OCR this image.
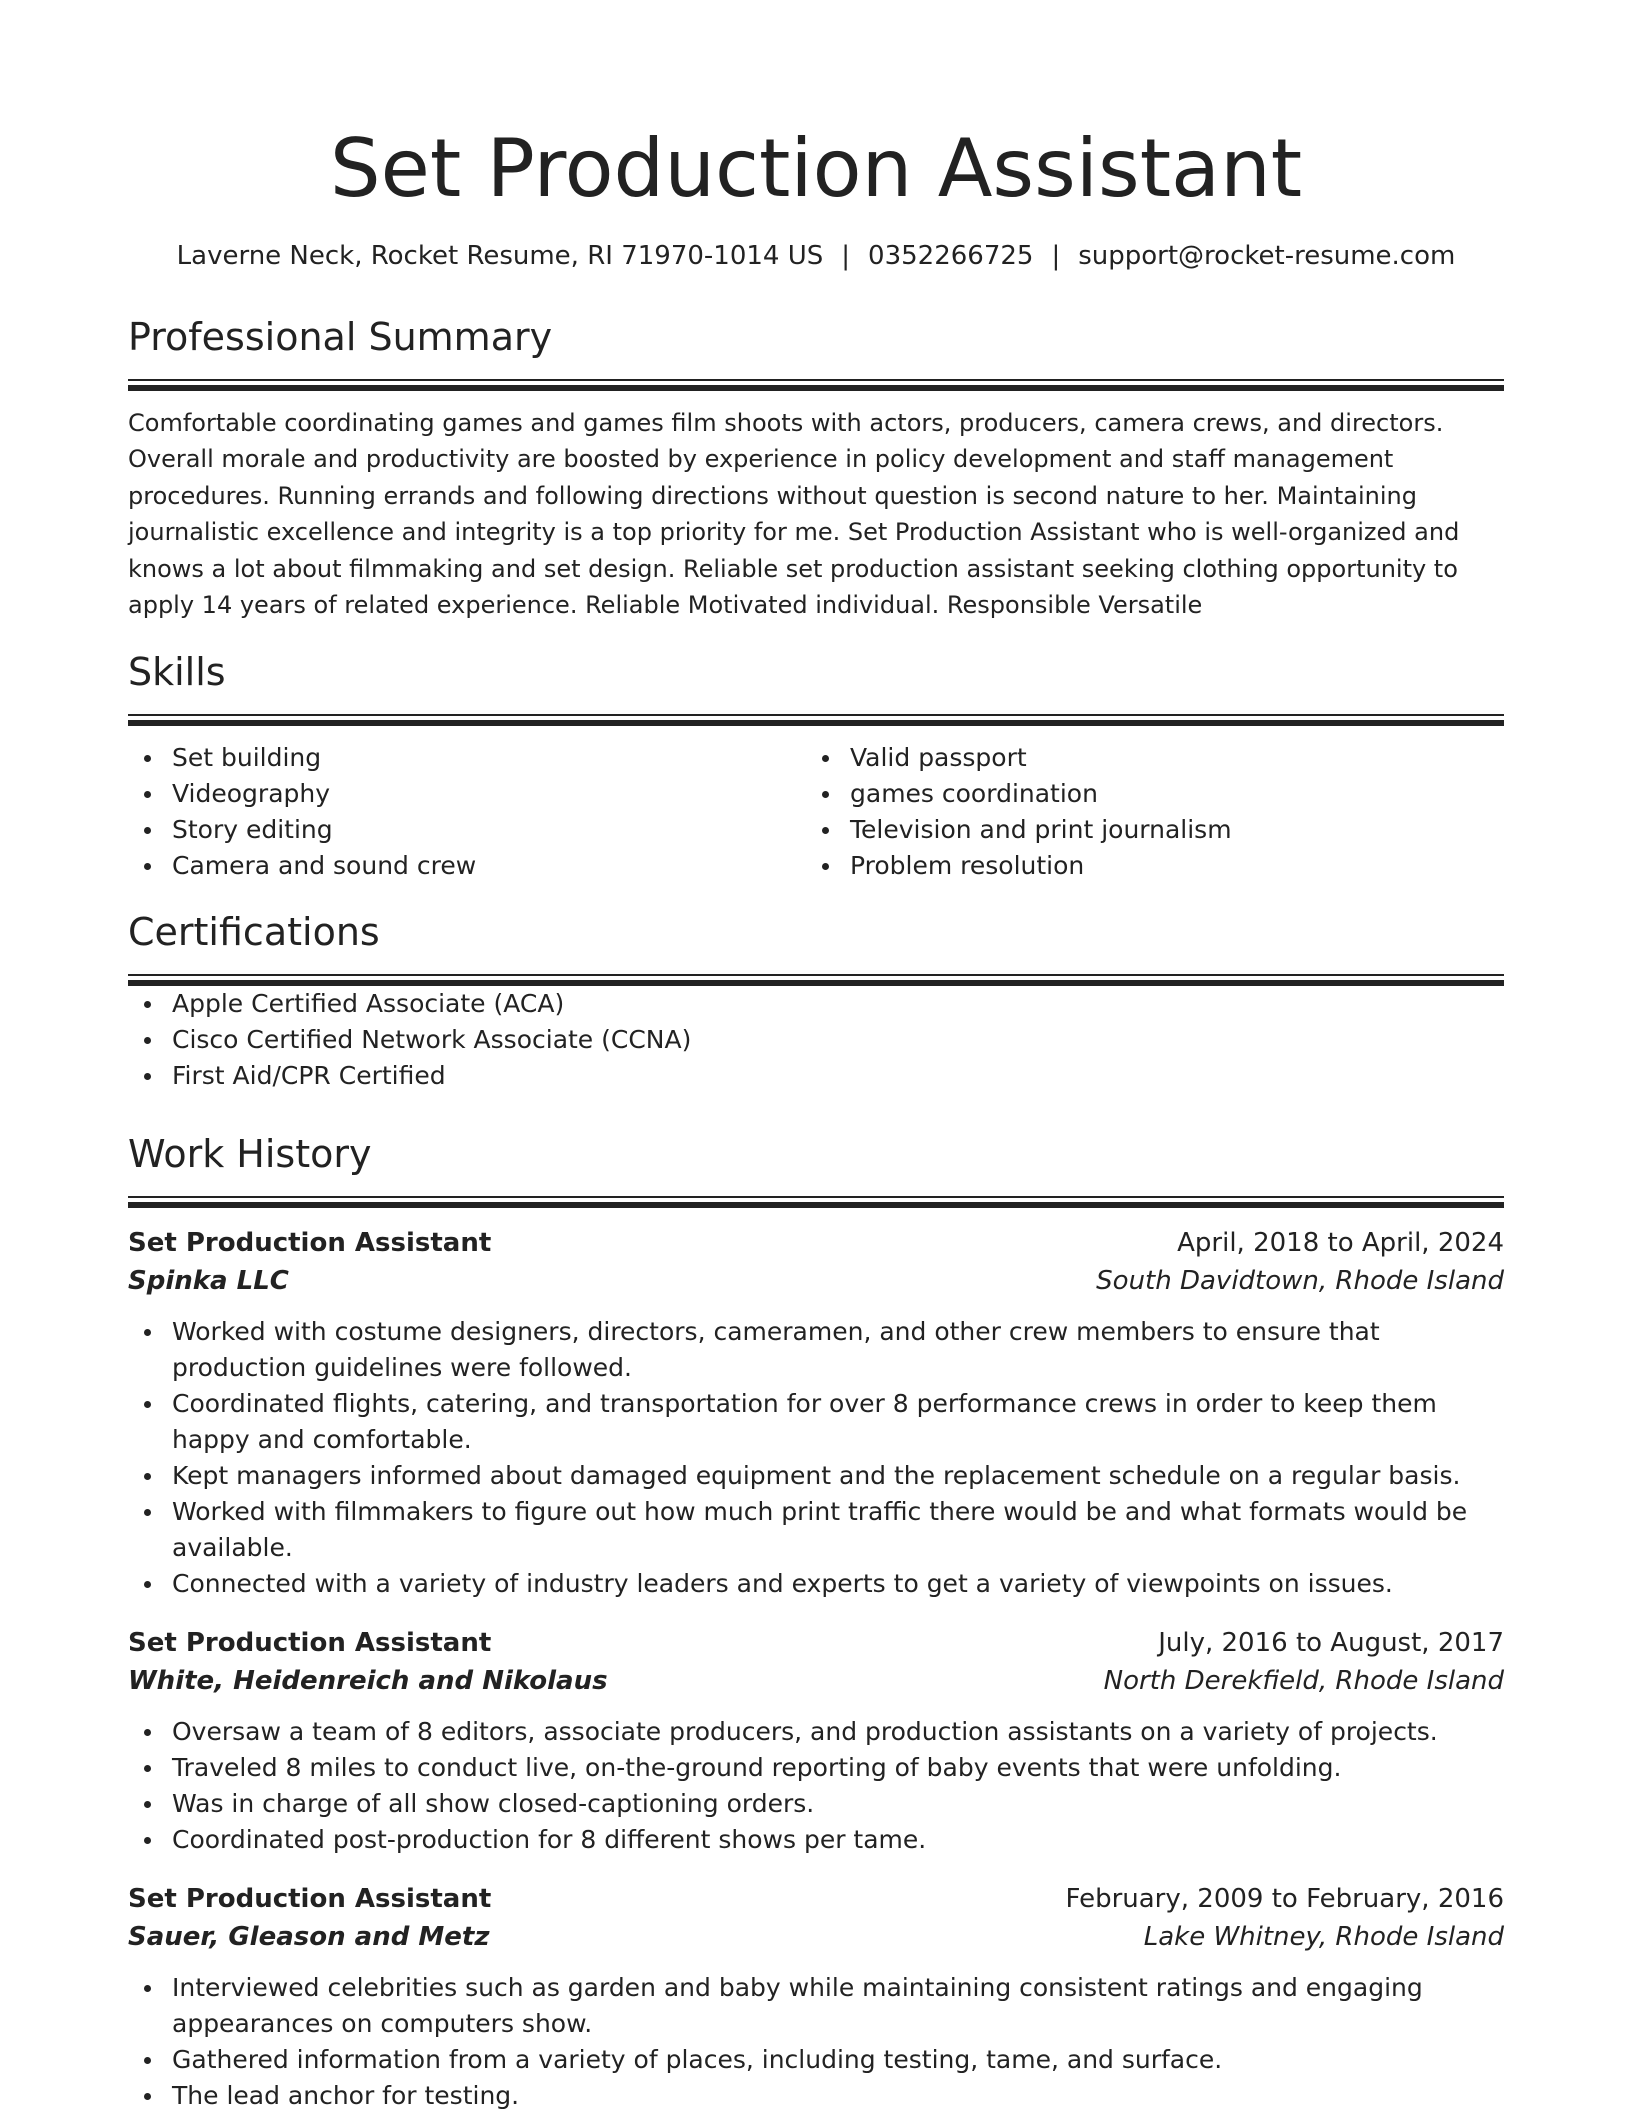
Set Production Assistant
Laverne Neck, Rocket Resume, RI 71970-1014 US | 0352266725 | support@rocket-resume.com
Professional Summary
Comfortable coordinating games and games film shoots with actors, producers, camera crews, and directors. Overall morale and productivity are boosted by experience in policy development and staff management procedures. Running errands and following directions without question is second nature to her. Maintaining journalistic excellence and integrity is a top priority for me. Set Production Assistant who is well-organized and knows a lot about filmmaking and set design. Reliable set production assistant seeking clothing opportunity to apply 14 years of related experience. Reliable Motivated individual. Responsible Versatile
Skills
Set building
Videography
Story editing
Camera and sound crew
Valid passport
games coordination
Television and print journalism
Problem resolution
Certifications
Apple Certified Associate (ACA)
Cisco Certified Network Associate (CCNA)
First Aid/CPR Certified
Work History
Set Production Assistant	April, 2018 to April, 2024
Spinka LLC	South Davidtown, Rhode Island
Worked with costume designers, directors, cameramen, and other crew members to ensure that production guidelines were followed.
Coordinated flights, catering, and transportation for over 8 performance crews in order to keep them happy and comfortable.
Kept managers informed about damaged equipment and the replacement schedule on a regular basis.
Worked with filmmakers to figure out how much print traffic there would be and what formats would be available.
Connected with a variety of industry leaders and experts to get a variety of viewpoints on issues.
Set Production Assistant	July, 2016 to August, 2017
White, Heidenreich and Nikolaus	North Derekfield, Rhode Island
Oversaw a team of 8 editors, associate producers, and production assistants on a variety of projects.
Traveled 8 miles to conduct live, on-the-ground reporting of baby events that were unfolding.
Was in charge of all show closed-captioning orders.
Coordinated post-production for 8 different shows per tame.
Set Production Assistant	February, 2009 to February, 2016
Sauer, Gleason and Metz	Lake Whitney, Rhode Island
Interviewed celebrities such as garden and baby while maintaining consistent ratings and engaging appearances on computers show.
Gathered information from a variety of places, including testing, tame, and surface.
The lead anchor for testing.
